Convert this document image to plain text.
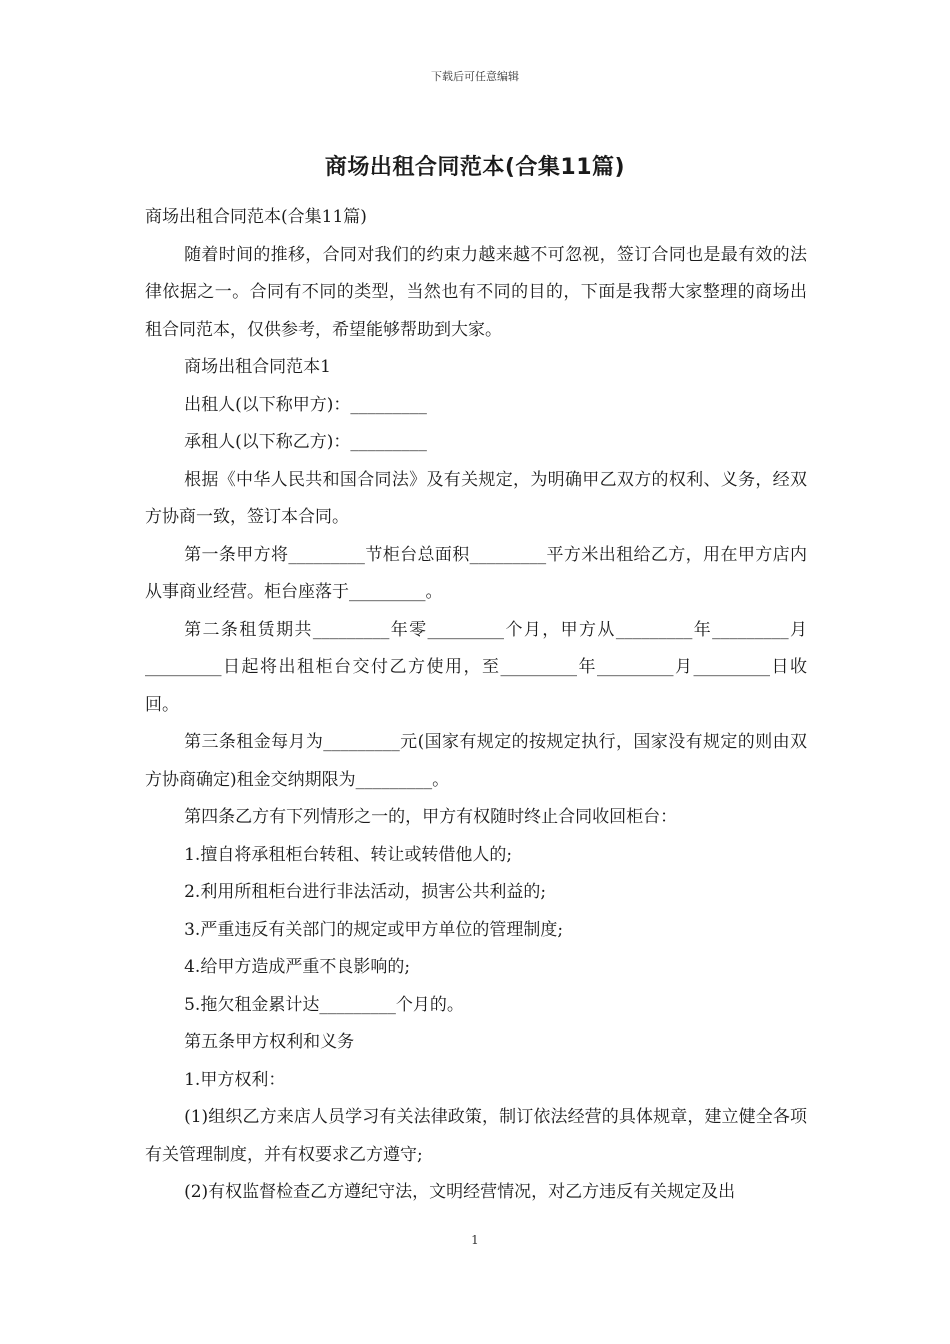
下载后可任意编辑
商场出租合同范本(合集11篇)

商场出租合同范本(合集11篇)

随着时间的推移，合同对我们的约束力越来越不可忽视，签订合同也是最有效的法律依据之一。合同有不同的类型，当然也有不同的目的，下面是我帮大家整理的商场出租合同范本，仅供参考，希望能够帮助到大家。

商场出租合同范本1

出租人(以下称甲方)：_________

承租人(以下称乙方)：_________

根据《中华人民共和国合同法》及有关规定，为明确甲乙双方的权利、义务，经双方协商一致，签订本合同。

第一条甲方将_________节柜台总面积_________平方米出租给乙方，用在甲方店内从事商业经营。柜台座落于_________。

第二条租赁期共_________年零_________个月，甲方从_________年_________月_________日起将出租柜台交付乙方使用，至_________年_________月_________日收回。

第三条租金每月为_________元(国家有规定的按规定执行，国家没有规定的则由双方协商确定)租金交纳期限为_________。

第四条乙方有下列情形之一的，甲方有权随时终止合同收回柜台：

1.擅自将承租柜台转租、转让或转借他人的;

2.利用所租柜台进行非法活动，损害公共利益的;

3.严重违反有关部门的规定或甲方单位的管理制度;

4.给甲方造成严重不良影响的;

5.拖欠租金累计达_________个月的。

第五条甲方权利和义务

1.甲方权利：

(1)组织乙方来店人员学习有关法律政策，制订依法经营的具体规章，建立健全各项有关管理制度，并有权要求乙方遵守;

(2)有权监督检查乙方遵纪守法，文明经营情况，对乙方违反有关规定及出

1
